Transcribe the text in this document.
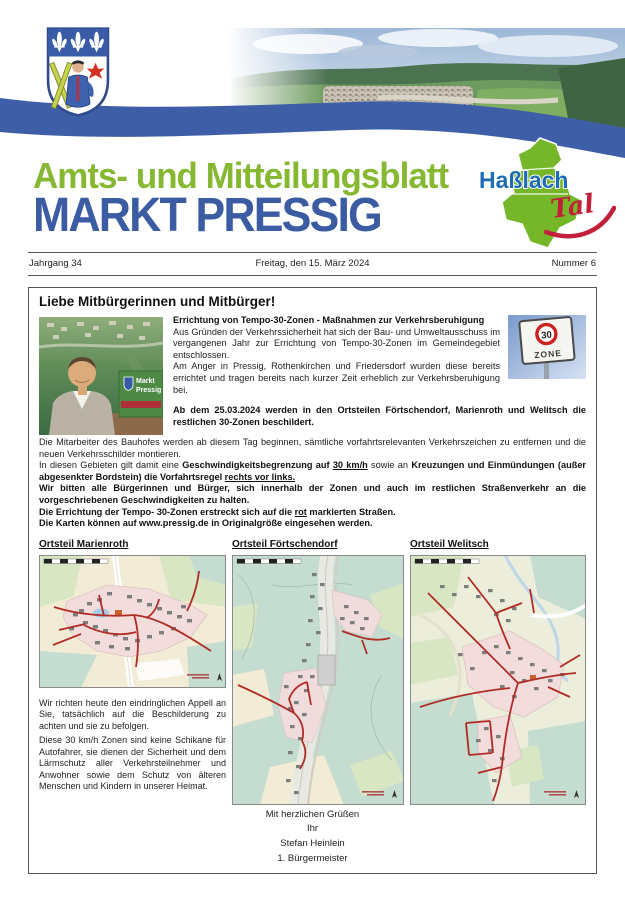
Amts- und Mitteilungsblatt
MARKT PRESSIG
Haßlach
Tal
Jahrgang 34	Freitag, den 15. März 2024	Nummer 6
Liebe Mitbürgerinnen und Mitbürger!
Markt
Pressig
30
ZONE

Errichtung von Tempo-30-Zonen - Maßnahmen zur Verkehrsberuhigung

Aus Gründen der Verkehrssicherheit hat sich der Bau- und Umweltausschuss im vergangenen Jahr zur Errichtung von Tempo-30-Zonen im Gemeindegebiet entschlossen.

Am Anger in Pressig, Rothenkirchen und Friedersdorf wurden diese bereits errichtet und tragen bereits nach kurzer Zeit erheblich zur Verkehrsberuhigung bei.

Ab dem 25.03.2024 werden in den Ortsteilen Förtschendorf, Marienroth und Welitsch die restlichen 30-Zonen beschildert.

Die Mitarbeiter des Bauhofes werden ab diesem Tag beginnen, sämtliche vorfahrtsrelevanten Verkehrszeichen zu entfernen und die neuen Verkehrsschilder montieren.

In diesen Gebieten gilt damit eine Geschwindigkeitsbegrenzung auf 30 km/h sowie an Kreuzungen und Einmündungen (außer abgesenkter Bordstein) die Vorfahrtsregel rechts vor links.

Wir bitten alle Bürgerinnen und Bürger, sich innerhalb der Zonen und auch im restlichen Straßenverkehr an die vorgeschriebenen Geschwindigkeiten zu halten.

Die Errichtung der Tempo- 30-Zonen erstreckt sich auf die rot markierten Straßen.

Die Karten können auf www.pressig.de in Originalgröße eingesehen werden.

Ortsteil Marienroth

Wir richten heute den eindringlichen Appell an Sie, tatsächlich auf die Beschilderung zu achten und sie zu befolgen.

Diese 30 km/h Zonen sind keine Schikane für Autofahrer, sie dienen der Sicherheit und dem Lärmschutz aller Verkehrsteilnehmer und Anwohner sowie dem Schutz von älteren Menschen und Kindern in unserer Heimat.

Ortsteil Förtschendorf	Ortsteil Welitsch
Mit herzlichen Grüßen
Ihr
Stefan Heinlein
1. Bürgermeister
